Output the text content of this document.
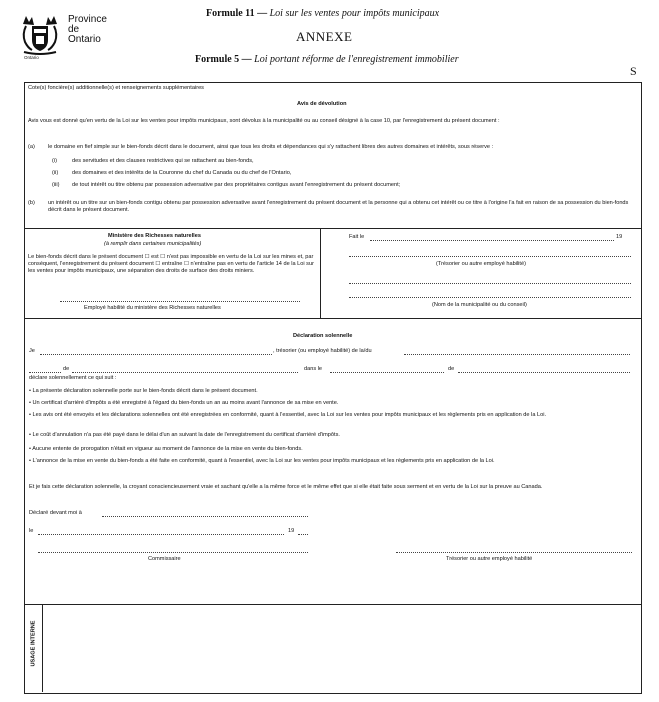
Province
de
Ontario
Ontario
Formule 11 — Loi sur les ventes pour impôts municipaux
ANNEXE
Formule 5 — Loi portant réforme de l'enregistrement immobilier
S
Cote(s) foncière(s) additionnelle(s) et renseignements supplémentaires
Avis de dévolution
Avis vous est donné qu'en vertu de la Loi sur les ventes pour impôts municipaux, sont dévolus à la municipalité ou au conseil désigné à la case 10, par l'enregistrement du présent document :
(a) le domaine en fief simple sur le bien-fonds décrit dans le document, ainsi que tous les droits et dépendances qui s'y rattachent libres des autres domaines et intérêts, sous réserve :
(i)	des servitudes et des clauses restrictives qui se rattachent au bien-fonds,
(ii) des domaines et des intérêts de la Couronne du chef du Canada ou du chef de l'Ontario,
(iii) de tout intérêt ou titre obtenu par possession adversative par des propriétaires contigus avant l'enregistrement du présent document;
(b) un intérêt ou un titre sur un bien-fonds contigu obtenu par possession adversative avant l'enregistrement du présent document et la personne qui a obtenu cet intérêt ou ce titre à l'origine l'a fait en raison de sa possession du bien-fonds décrit dans le présent document.
Ministère des Richesses naturelles
(à remplir dans certaines municipalités)
Le bien-fonds décrit dans le présent document ☐ est ☐ n'est pas impossible en vertu de la Loi sur les mines et, par conséquent, l'enregistrement du présent document ☐ entraîne ☐ n'entraîne pas en vertu de l'article 14 de la Loi sur les ventes pour impôts municipaux, une séparation des droits de surface des droits miniers.
Employé habilité du ministère des Richesses naturelles
Fait le	19
(Trésorier ou autre employé habilité)
(Nom de la municipalité ou du conseil)
Déclaration solennelle
Je	, trésorier (ou employé habilité) de la/du
de	dans le	de
déclare solennellement ce qui suit :
• La présente déclaration solennelle porte sur le bien-fonds décrit dans le présent document.
• Un certificat d'arriéré d'impôts a été enregistré à l'égard du bien-fonds un an au moins avant l'annonce de sa mise en vente.
• Les avis ont été envoyés et les déclarations solennelles ont été enregistrées en conformité, quant à l'essentiel, avec la Loi sur les ventes pour impôts municipaux et les règlements pris en application de la Loi.
• Le coût d'annulation n'a pas été payé dans le délai d'un an suivant la date de l'enregistrement du certificat d'arriéré d'impôts.
• Aucune entente de prorogation n'était en vigueur au moment de l'annonce de la mise en vente du bien-fonds.
• L'annonce de la mise en vente du bien-fonds a été faite en conformité, quant à l'essentiel, avec la Loi sur les ventes pour impôts municipaux et les règlements pris en application de la Loi.
Et je fais cette déclaration solennelle, la croyant consciencieusement vraie et sachant qu'elle a la même force et le même effet que si elle était faite sous serment et en vertu de la Loi sur la preuve au Canada.
Déclaré devant moi à
le	19
Commissaire	Trésorier ou autre employé habilité
USAGE INTERNE
